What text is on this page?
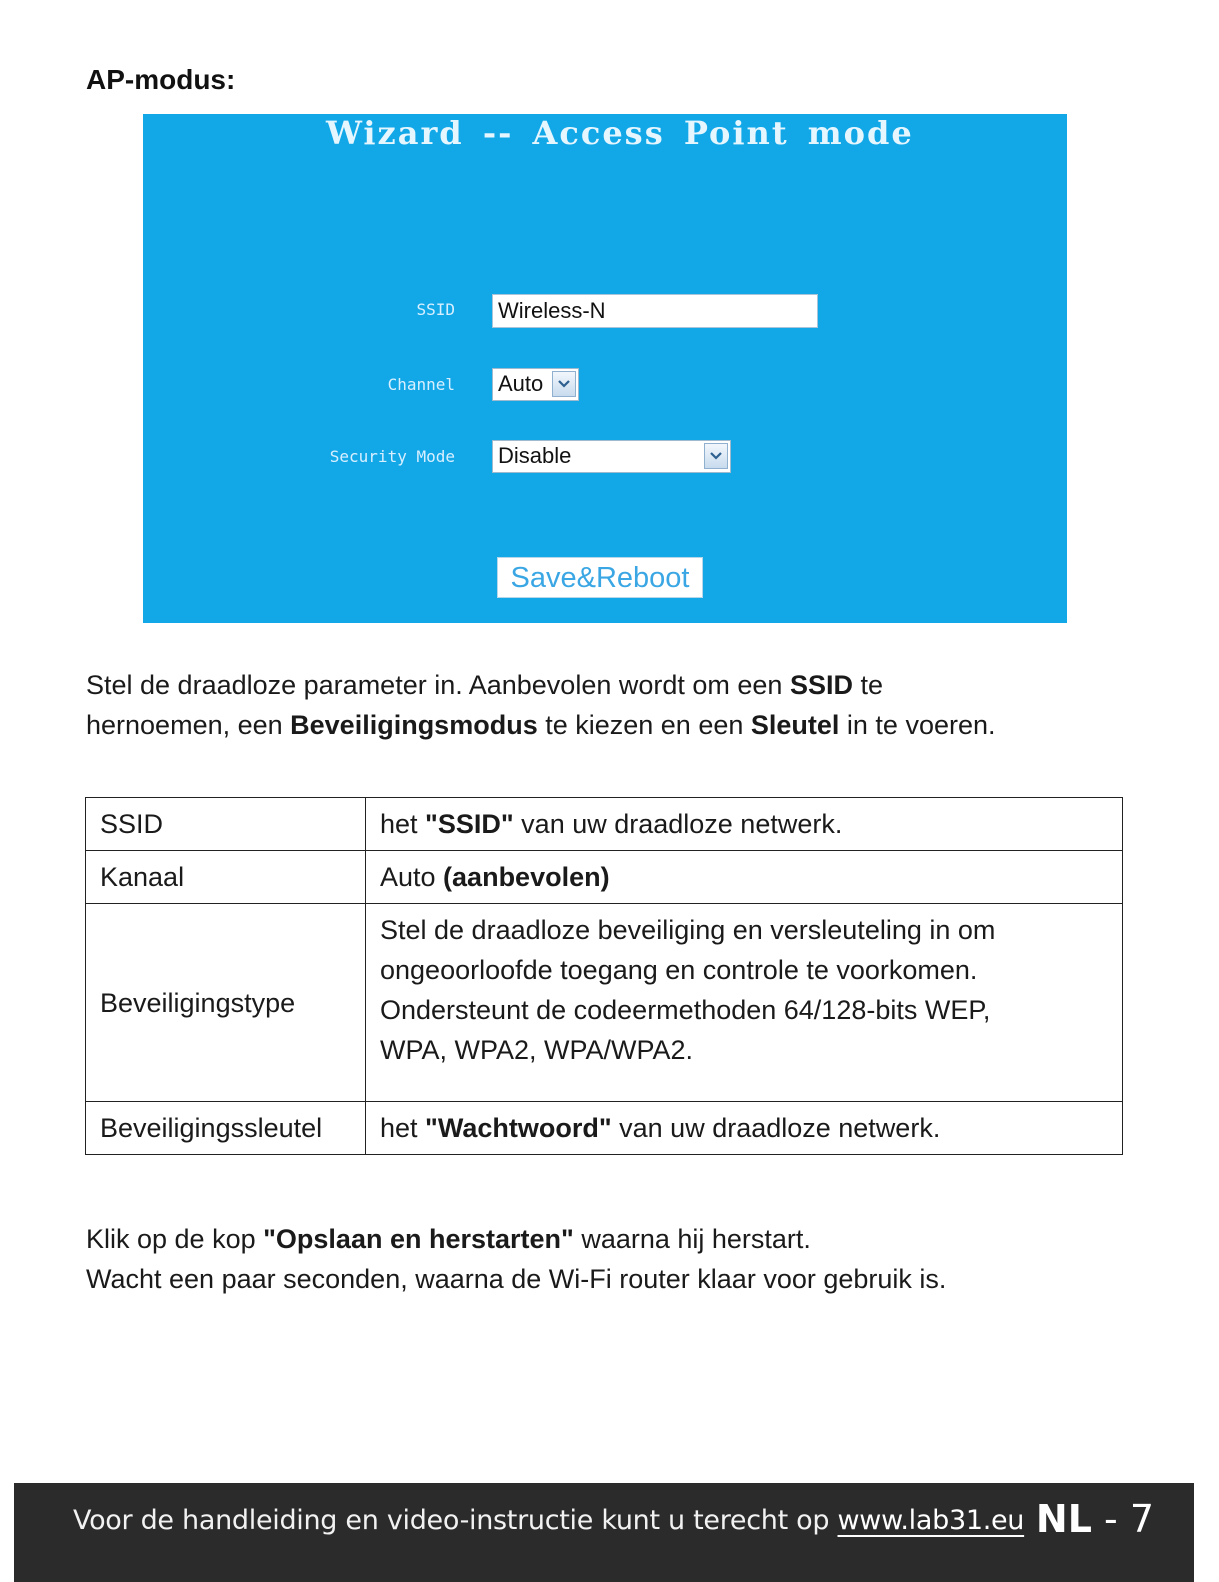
AP-modus:
Wizard -- Access Point mode
SSID Wireless-N
Channel Auto
Security Mode Disable
Save&Reboot
Stel de draadloze parameter in. Aanbevolen wordt om een SSID te
hernoemen, een Beveiligingsmodus te kiezen en een Sleutel in te voeren.
SSID	het "SSID" van uw draadloze netwerk.
Kanaal	Auto (aanbevolen)
Beveiligingstype	Stel de draadloze beveiliging en versleuteling in om
ongeoorloofde toegang en controle te voorkomen.
Ondersteunt de codeermethoden 64/128-bits WEP,
WPA, WPA2, WPA/WPA2.

Beveiligingssleutel	het "Wachtwoord" van uw draadloze netwerk.
Klik op de kop "Opslaan en herstarten" waarna hij herstart.
Wacht een paar seconden, waarna de Wi-Fi router klaar voor gebruik is.
Voor de handleiding en video-instructie kunt u terecht op www.lab31.eu NL - 7
